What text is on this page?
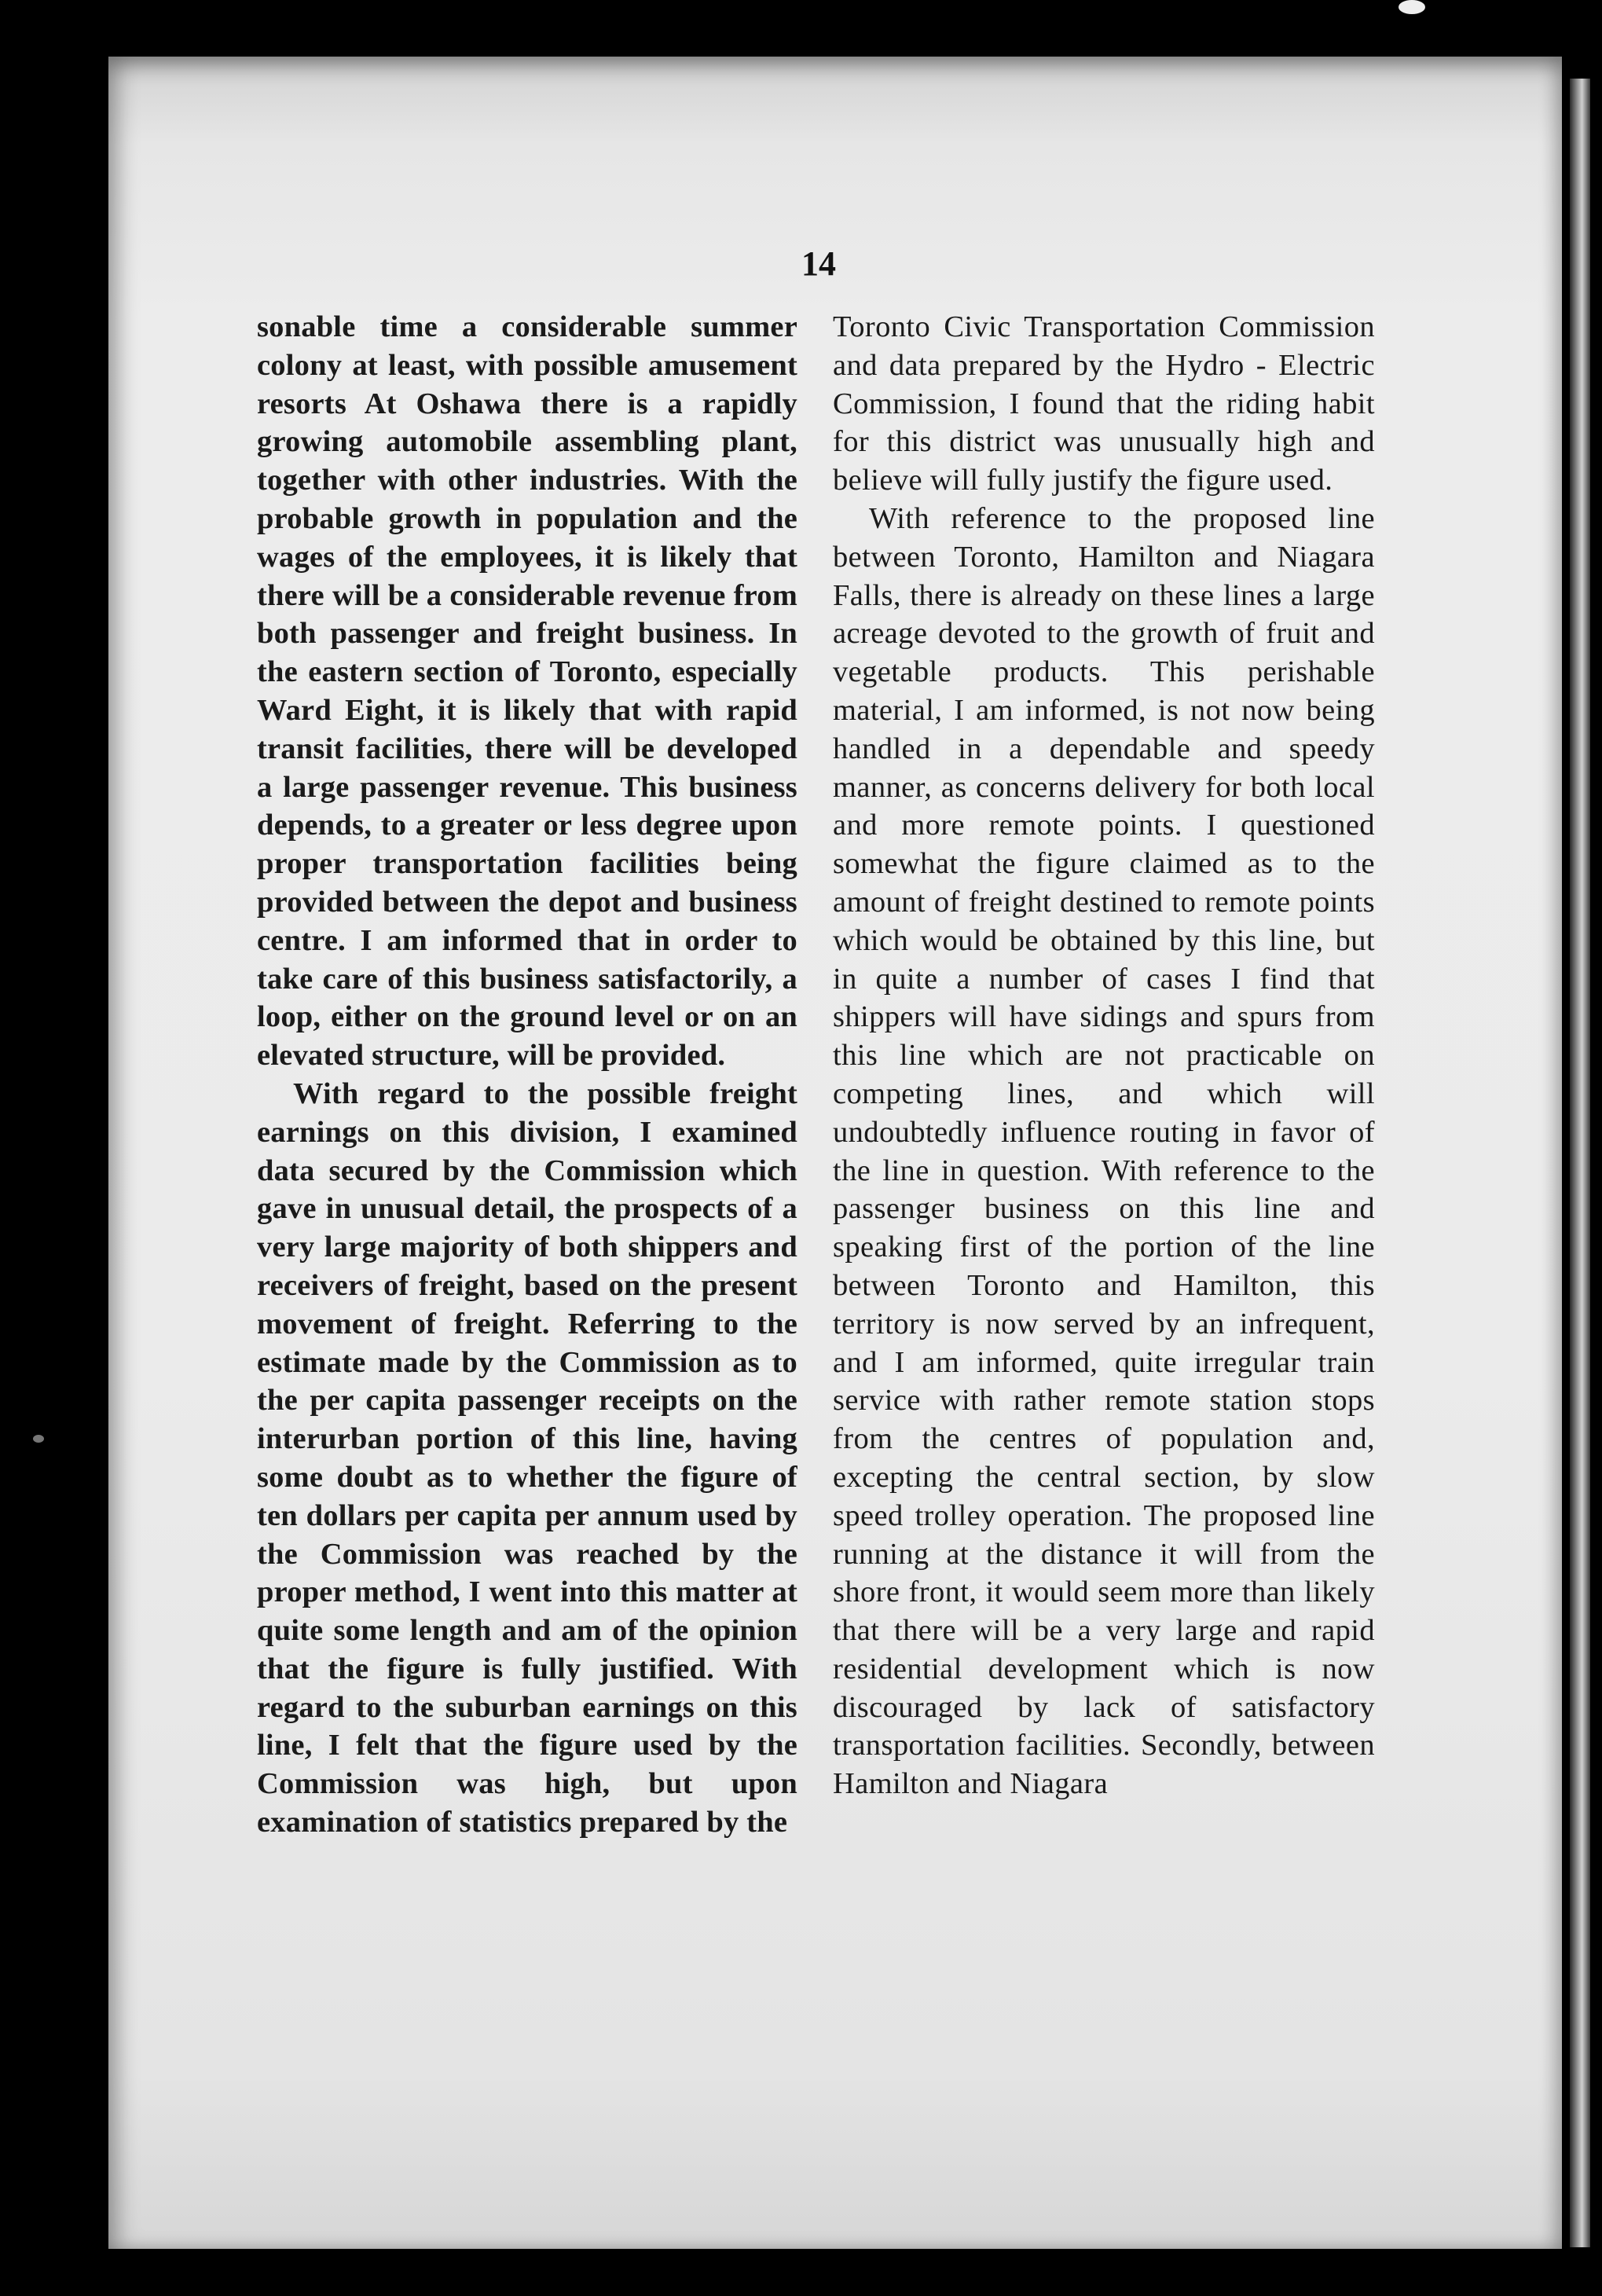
14

sonable time a considerable summer colony at least, with possible amusement resorts At Oshawa there is a rapidly growing automobile assembling plant, together with other industries. With the probable growth in population and the wages of the employees, it is likely that there will be a considerable revenue from both passenger and freight business. In the eastern section of Toronto, especially Ward Eight, it is likely that with rapid transit facilities, there will be developed a large passenger revenue. This business depends, to a greater or less degree upon proper transportation facilities being provided between the depot and business centre. I am informed that in order to take care of this business satisfactorily, a loop, either on the ground level or on an elevated structure, will be provided.

With regard to the possible freight earnings on this division, I examined data secured by the Commission which gave in unusual detail, the prospects of a very large majority of both shippers and receivers of freight, based on the present movement of freight. Referring to the estimate made by the Commission as to the per capita passenger receipts on the interurban portion of this line, having some doubt as to whether the figure of ten dollars per capita per annum used by the Commission was reached by the proper method, I went into this matter at quite some length and am of the opinion that the figure is fully justified. With regard to the suburban earnings on this line, I felt that the figure used by the Commission was high, but upon examination of statistics prepared by the

Toronto Civic Transportation Commission and data prepared by the Hydro - Electric Commission, I found that the riding habit for this district was unusually high and believe will fully justify the figure used.

With reference to the proposed line between Toronto, Hamilton and Niagara Falls, there is already on these lines a large acreage devoted to the growth of fruit and vegetable products. This perishable material, I am informed, is not now being handled in a dependable and speedy manner, as concerns delivery for both local and more remote points. I questioned somewhat the figure claimed as to the amount of freight destined to remote points which would be obtained by this line, but in quite a number of cases I find that shippers will have sidings and spurs from this line which are not practicable on competing lines, and which will undoubtedly influence routing in favor of the line in question. With reference to the passenger business on this line and speaking first of the portion of the line between Toronto and Hamilton, this territory is now served by an infrequent, and I am informed, quite irregular train service with rather remote station stops from the centres of population and, excepting the central section, by slow speed trolley operation. The proposed line running at the distance it will from the shore front, it would seem more than likely that there will be a very large and rapid residential development which is now discouraged by lack of satisfactory transportation facilities. Secondly, between Hamilton and Niagara
